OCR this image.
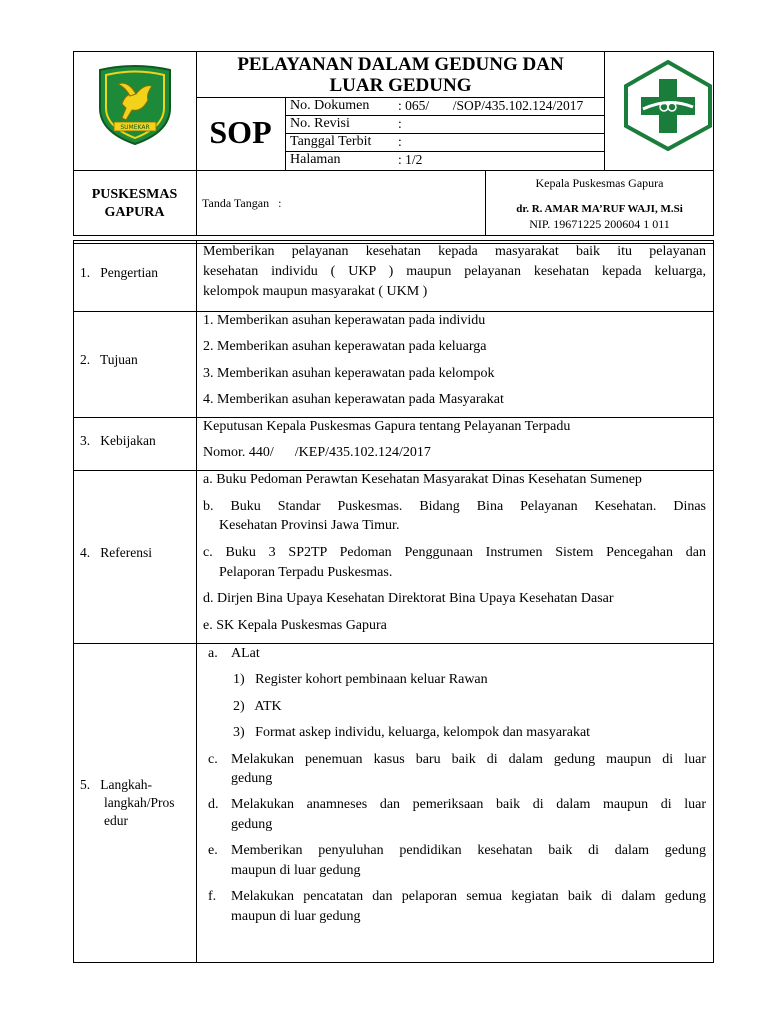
SUMEKAR
PELAYANAN DALAM GEDUNG DAN
LUAR GEDUNG
SOP
No. Dokumen : 065/       /SOP/435.102.124/2017
No. Revisi	:
Tanggal Terbit :
Halaman	: 1/2
PUSKESMAS
GAPURA
Tanda Tangan   :
Kepala Puskesmas Gapura
dr. R. AMAR MA’RUF WAJI, M.Si
NIP. 19671225 200604 1 011
1.   Pengertian
Memberikan pelayanan kesehatan kepada masyarakat baik itu pelayanan
kesehatan individu ( UKP ) maupun pelayanan kesehatan kepada keluarga,
kelompok maupun masyarakat ( UKM )
2.   Tujuan
1. Memberikan asuhan keperawatan pada individu
2. Memberikan asuhan keperawatan pada keluarga
3. Memberikan asuhan keperawatan pada kelompok
4. Memberikan asuhan keperawatan pada Masyarakat
3.   Kebijakan
Keputusan Kepala Puskesmas Gapura tentang Pelayanan Terpadu
Nomor. 440/      /KEP/435.102.124/2017
4.   Referensi
a. Buku Pedoman Perawtan Kesehatan Masyarakat Dinas Kesehatan Sumenep
b. Buku Standar Puskesmas. Bidang Bina Pelayanan Kesehatan. Dinas
Kesehatan Provinsi Jawa Timur.
c. Buku 3 SP2TP Pedoman Penggunaan Instrumen Sistem Pencegahan dan
Pelaporan Terpadu Puskesmas.
d. Dirjen Bina Upaya Kesehatan Direktorat Bina Upaya Kesehatan Dasar
e. SK Kepala Puskesmas Gapura
5.   Langkah-
langkah/Pros
edur
a. ALat
1)   Register kohort pembinaan keluar Rawan
2)   ATK
3)   Format askep individu, keluarga, kelompok dan masyarakat
c. Melakukan penemuan kasus baru baik di dalam gedung maupun di luar
gedung
d. Melakukan anamneses dan pemeriksaan baik di dalam maupun di luar
gedung
e. Memberikan penyuluhan pendidikan kesehatan baik di dalam gedung
maupun di luar gedung
f. Melakukan pencatatan dan pelaporan semua kegiatan baik di dalam gedung
maupun di luar gedung
